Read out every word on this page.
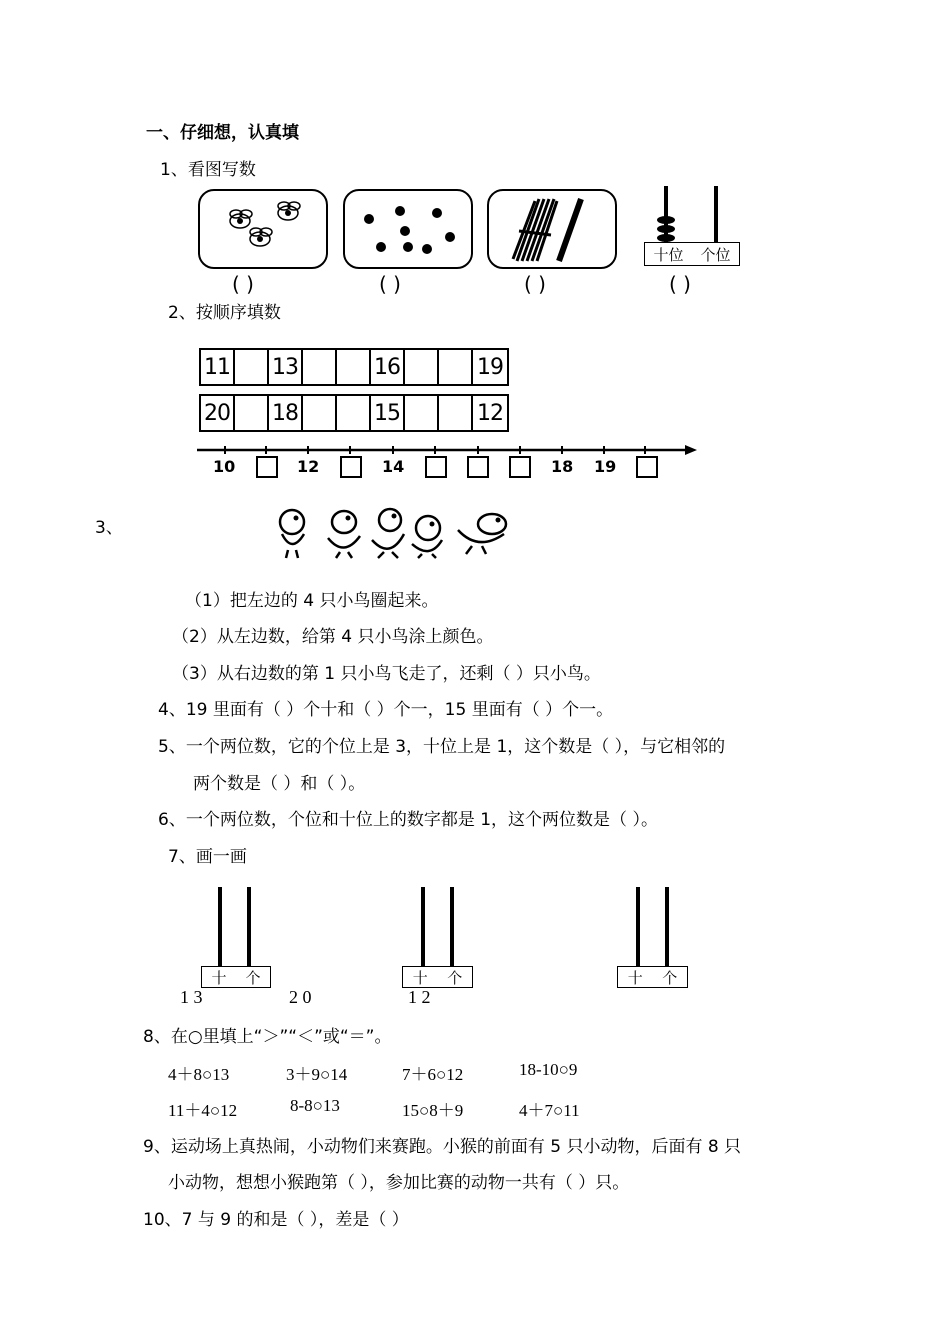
一、仔细想，认真填
1、看图写数
十位 个位
( )	( )	( )	( )
2、按顺序填数
11 13	16	19
20 18	15	12
10	12	14	18 19
3、
（1）把左边的 4 只小鸟圈起来。
（2）从左边数，给第 4 只小鸟涂上颜色。
（3）从右边数的第 1 只小鸟飞走了，还剩（ ）只小鸟。
4、19 里面有（ ）个十和（ ）个一，15 里面有（ ）个一。
5、一个两位数，它的个位上是 3，十位上是 1，这个数是（ ），与它相邻的
两个数是（ ）和（ ）。
6、一个两位数，个位和十位上的数字都是 1，这个两位数是（ ）。
7、画一画
十 个	十 个	十 个
1 3	2 0	1 2
8、在○里填上“＞”“＜”或“＝”。
4＋8○13	3＋9○14	7＋6○12	18-10○9
11＋4○12	8-8○13	15○8＋9	4＋7○11
9、运动场上真热闹，小动物们来赛跑。小猴的前面有 5 只小动物，后面有 8 只
小动物，想想小猴跑第（ ），参加比赛的动物一共有（ ）只。
10、7 与 9 的和是（ ），差是（ ）
